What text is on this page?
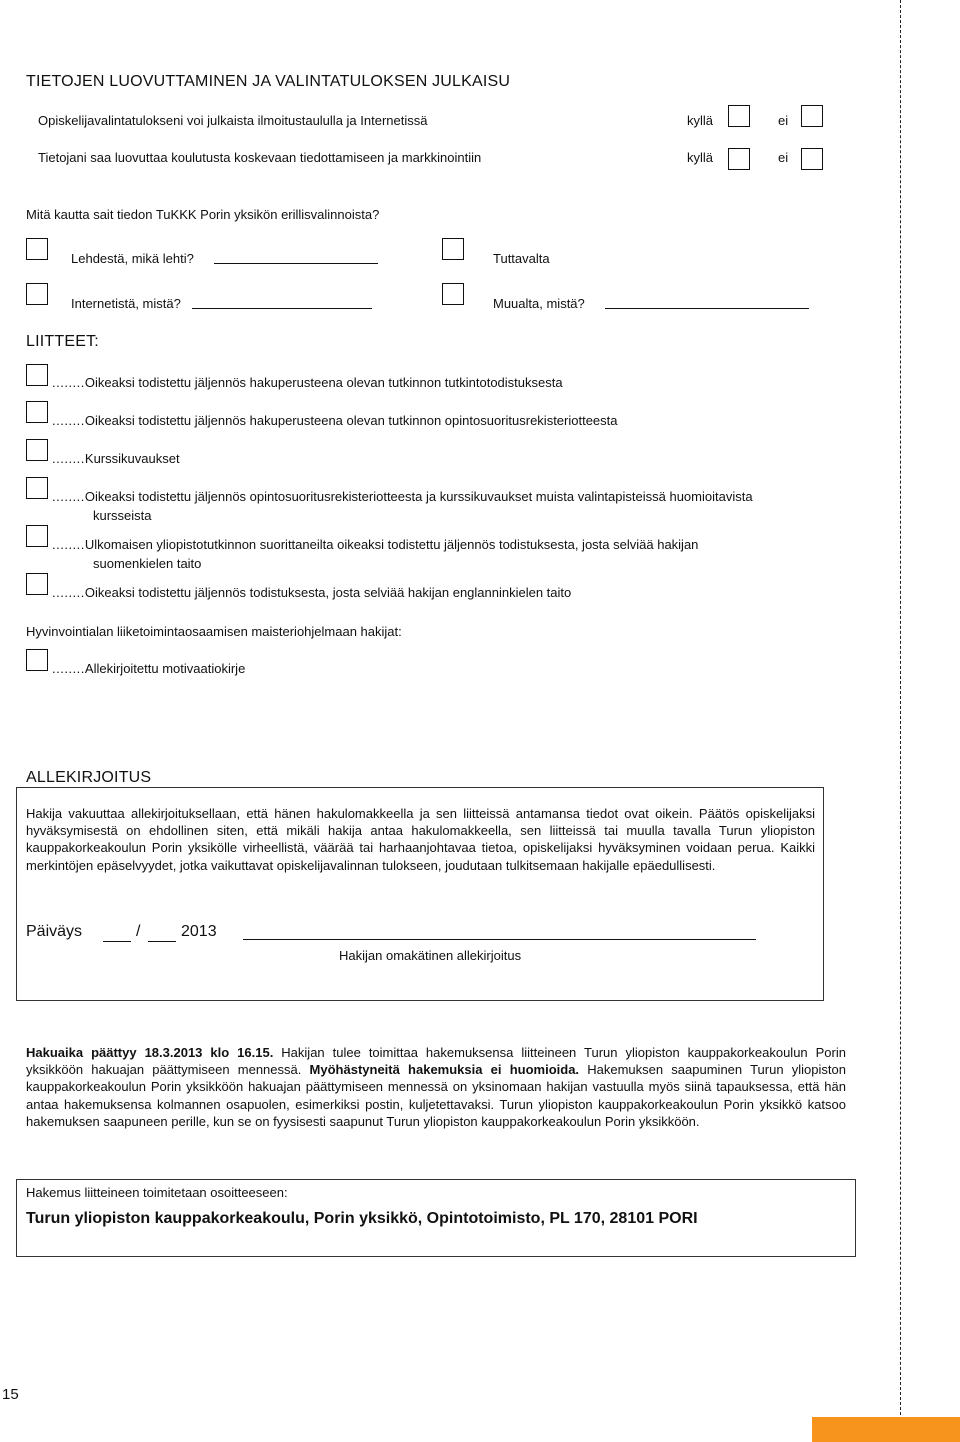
TIETOJEN LUOVUTTAMINEN JA VALINTATULOKSEN JULKAISU
Opiskelijavalintatulokseni voi julkaista ilmoitustaululla ja Internetissä	kyllä	ei
Tietojani saa luovuttaa koulutusta koskevaan tiedottamiseen ja markkinointiin	kyllä	ei
Mitä kautta sait tiedon TuKKK Porin yksikön erillisvalinnoista?
Lehdestä, mikä lehti?	Tuttavalta
Internetistä, mistä?	Muualta, mistä?
LIITTEET:
........Oikeaksi todistettu jäljennös hakuperusteena olevan tutkinnon tutkintotodistuksesta
........Oikeaksi todistettu jäljennös hakuperusteena olevan tutkinnon opintosuoritusrekisteriotteesta
........Kurssikuvaukset
........Oikeaksi todistettu jäljennös opintosuoritusrekisteriotteesta ja kurssikuvaukset muista valintapisteissä huomioitavista
kursseista
........Ulkomaisen yliopistotutkinnon suorittaneilta oikeaksi todistettu jäljennös todistuksesta, josta selviää hakijan
suomenkielen taito
........Oikeaksi todistettu jäljennös todistuksesta, josta selviää hakijan englanninkielen taito
Hyvinvointialan liiketoimintaosaamisen maisteriohjelmaan hakijat:
........Allekirjoitettu motivaatiokirje
ALLEKIRJOITUS
Hakija vakuuttaa allekirjoituksellaan, että hänen hakulomakkeella ja sen liitteissä antamansa tiedot ovat oikein. Päätös opiskelijaksi hyväksymisestä on ehdollinen siten, että mikäli hakija antaa hakulomakkeella, sen liitteissä tai muulla tavalla Turun yliopiston kauppakorkeakoulun Porin yksikölle virheellistä, väärää tai harhaanjohtavaa tietoa, opiskelijaksi hyväksyminen voidaan perua. Kaikki merkintöjen epäselvyydet, jotka vaikuttavat opiskelijavalinnan tulokseen, joudutaan tulkitsemaan hakijalle epäedullisesti.
Päiväys	/	2013
Hakijan omakätinen allekirjoitus
Hakuaika päättyy 18.3.2013 klo 16.15. Hakijan tulee toimittaa hakemuksensa liitteineen Turun yliopiston kauppakorkeakoulun Porin yksikköön hakuajan päättymiseen mennessä. Myöhästyneitä hakemuksia ei huomioida. Hakemuksen saapuminen Turun yliopiston kauppakorkeakoulun Porin yksikköön hakuajan päättymiseen mennessä on yksinomaan hakijan vastuulla myös siinä tapauksessa, että hän antaa hakemuksensa kolmannen osapuolen, esimerkiksi postin, kuljetettavaksi. Turun yliopiston kauppakorkeakoulun Porin yksikkö katsoo hakemuksen saapuneen perille, kun se on fyysisesti saapunut Turun yliopiston kauppakorkeakoulun Porin yksikköön.
Hakemus liitteineen toimitetaan osoitteeseen:
Turun yliopiston kauppakorkeakoulu, Porin yksikkö, Opintotoimisto, PL 170, 28101 PORI
15
